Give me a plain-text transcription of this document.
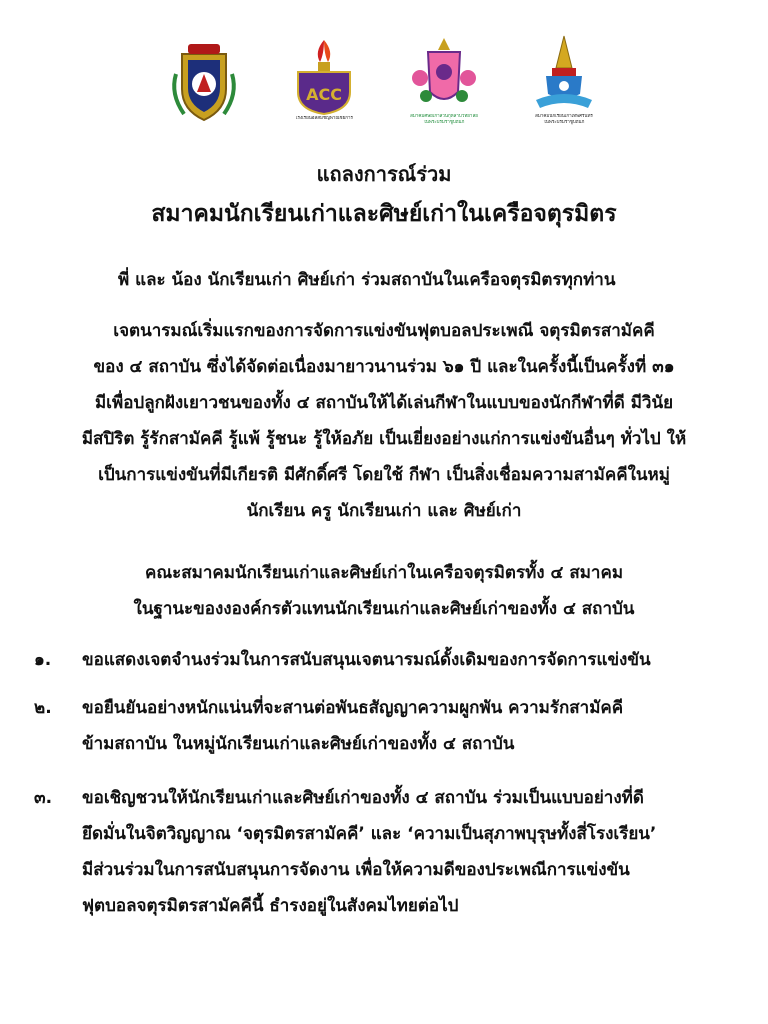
ACC
โรงเรียนอัสสัมชัญพาณิชยการ	สมาคมศิษย์เก่าสวนกุหลาบวิทยาลัย
ในพระบรมราชูปถัมภ์
สมาคมนักเรียนเก่าเทพศิรินทร์
ในพระบรมราชูปถัมภ์
แถลงการณ์ร่วม
สมาคมนักเรียนเก่าและศิษย์เก่าในเครือจตุรมิตร
พี่ และ น้อง นักเรียนเก่า ศิษย์เก่า ร่วมสถาบันในเครือจตุรมิตรทุกท่าน
เจตนารมณ์เริ่มแรกของการจัดการแข่งขันฟุตบอลประเพณี จตุรมิตรสามัคคี
ของ ๔ สถาบัน ซึ่งได้จัดต่อเนื่องมายาวนานร่วม ๖๑ ปี และในครั้งนี้เป็นครั้งที่ ๓๑
มีเพื่อปลูกฝังเยาวชนของทั้ง ๔ สถาบันให้ได้เล่นกีฬาในแบบของนักกีฬาที่ดี มีวินัย
มีสปิริต รู้รักสามัคคี รู้แพ้ รู้ชนะ รู้ให้อภัย เป็นเยี่ยงอย่างแก่การแข่งขันอื่นๆ ทั่วไป ให้
เป็นการแข่งขันที่มีเกียรติ มีศักดิ์ศรี โดยใช้ กีฬา เป็นสิ่งเชื่อมความสามัคคีในหมู่
นักเรียน ครู นักเรียนเก่า และ ศิษย์เก่า
คณะสมาคมนักเรียนเก่าและศิษย์เก่าในเครือจตุรมิตรทั้ง ๔ สมาคม
ในฐานะของงองค์กรตัวแทนนักเรียนเก่าและศิษย์เก่าของทั้ง ๔ สถาบัน
๑.	ขอแสดงเจตจำนงร่วมในการสนับสนุนเจตนารมณ์ดั้งเดิมของการจัดการแข่งขัน
๒.	ขอยืนยันอย่างหนักแน่นที่จะสานต่อพันธสัญญาความผูกพัน ความรักสามัคคี
ข้ามสถาบัน ในหมู่นักเรียนเก่าและศิษย์เก่าของทั้ง ๔ สถาบัน
๓.	ขอเชิญชวนให้นักเรียนเก่าและศิษย์เก่าของทั้ง ๔ สถาบัน ร่วมเป็นแบบอย่างที่ดี
ยึดมั่นในจิตวิญญาณ ‘จตุรมิตรสามัคคี’ และ ‘ความเป็นสุภาพบุรุษทั้งสี่โรงเรียน’
มีส่วนร่วมในการสนับสนุนการจัดงาน เพื่อให้ความดีของประเพณีการแข่งขัน
ฟุตบอลจตุรมิตรสามัคคีนี้ ธำรงอยู่ในสังคมไทยต่อไป
